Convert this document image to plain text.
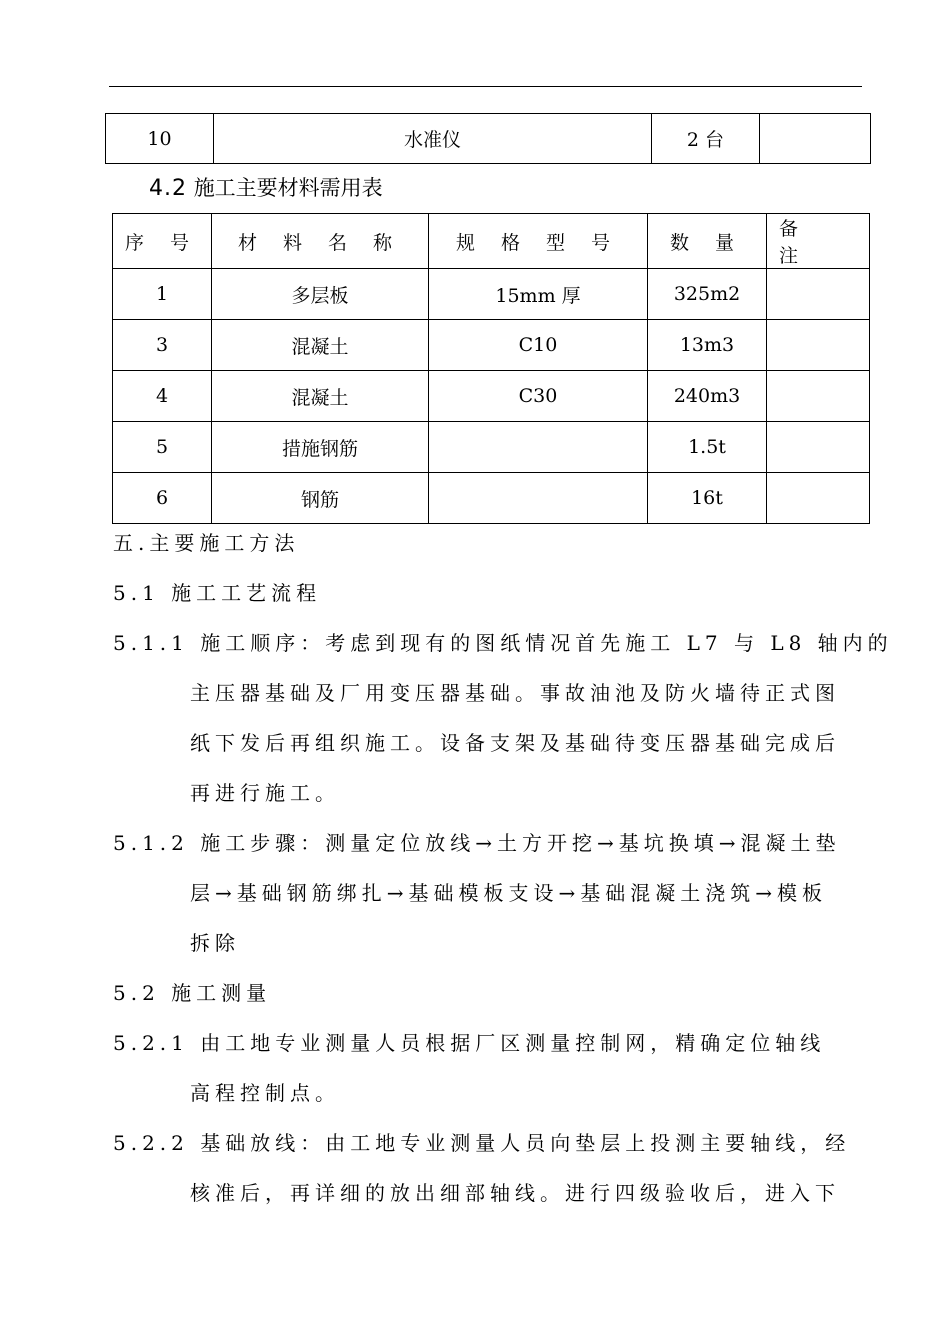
10	水准仪	2 台	
4.2 施工主要材料需用表
序 号	材 料 名 称	规 格 型 号	数 量	备注
1	多层板	15mm 厚	325m2	
3	混凝土	C10	13m3	
4	混凝土	C30	240m3	
5	措施钢筋		1.5t	
6	钢筋		16t	
五.主要施工方法
5.1 施工工艺流程
5.1.1 施工顺序：考虑到现有的图纸情况首先施工 L7 与 L8 轴内的
主压器基础及厂用变压器基础。事故油池及防火墙待正式图
纸下发后再组织施工。设备支架及基础待变压器基础完成后
再进行施工。
5.1.2 施工步骤：测量定位放线→土方开挖→基坑换填→混凝土垫
层→基础钢筋绑扎→基础模板支设→基础混凝土浇筑→模板
拆除
5.2 施工测量
5.2.1 由工地专业测量人员根据厂区测量控制网，精确定位轴线
高程控制点。
5.2.2 基础放线：由工地专业测量人员向垫层上投测主要轴线，经
核准后，再详细的放出细部轴线。进行四级验收后，进入下
